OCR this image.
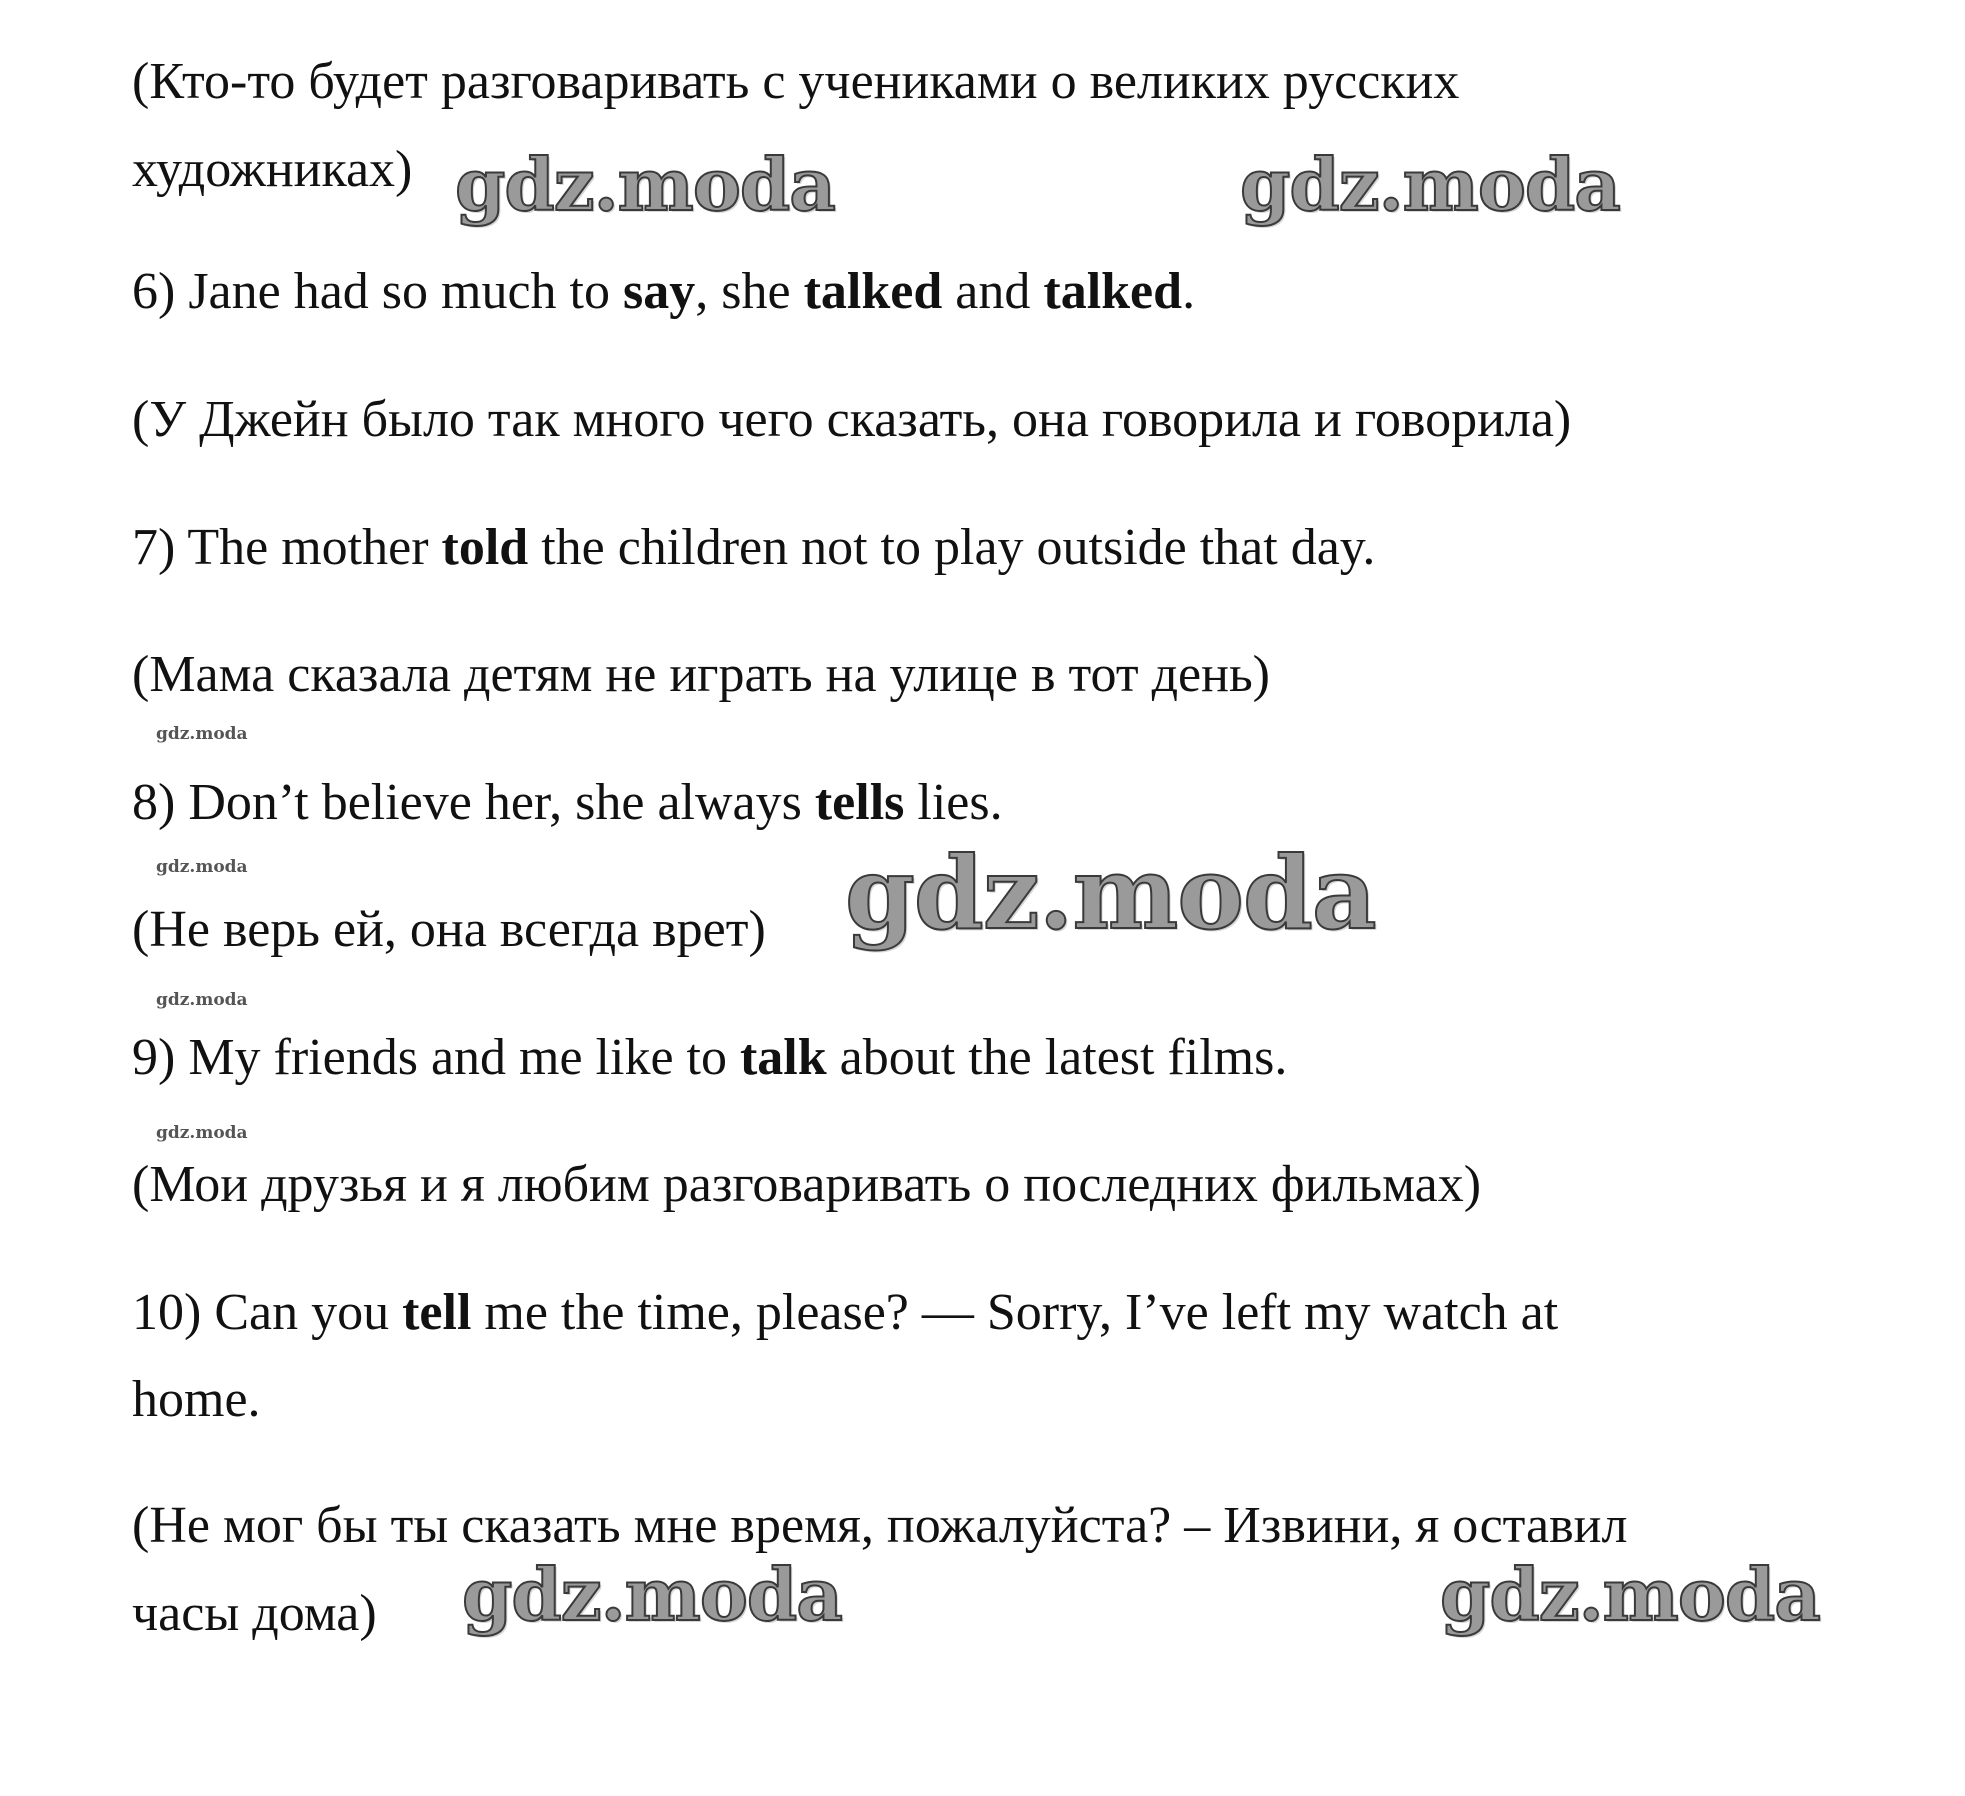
(Кто-то будет разговаривать с учениками о великих русских
художниках)
6) Jane had so much to say, she talked and talked.
(У Джейн было так много чего сказать, она говорила и говорила)
7) The mother told the children not to play outside that day.
(Мама сказала детям не играть на улице в тот день)
8) Don’t believe her, she always tells lies.
(Не верь ей, она всегда врет)
9) My friends and me like to talk about the latest films.
(Мои друзья и я любим разговаривать о последних фильмах)
10) Can you tell me the time, please? — Sorry, I’ve left my watch at
home.
(Не мог бы ты сказать мне время, пожалуйста? – Извини, я оставил
часы дома)
gdz.moda	gdz.moda
gdz.moda
gdz.moda	gdz.moda
gdz.moda
gdz.moda
gdz.moda	gdz.moda
